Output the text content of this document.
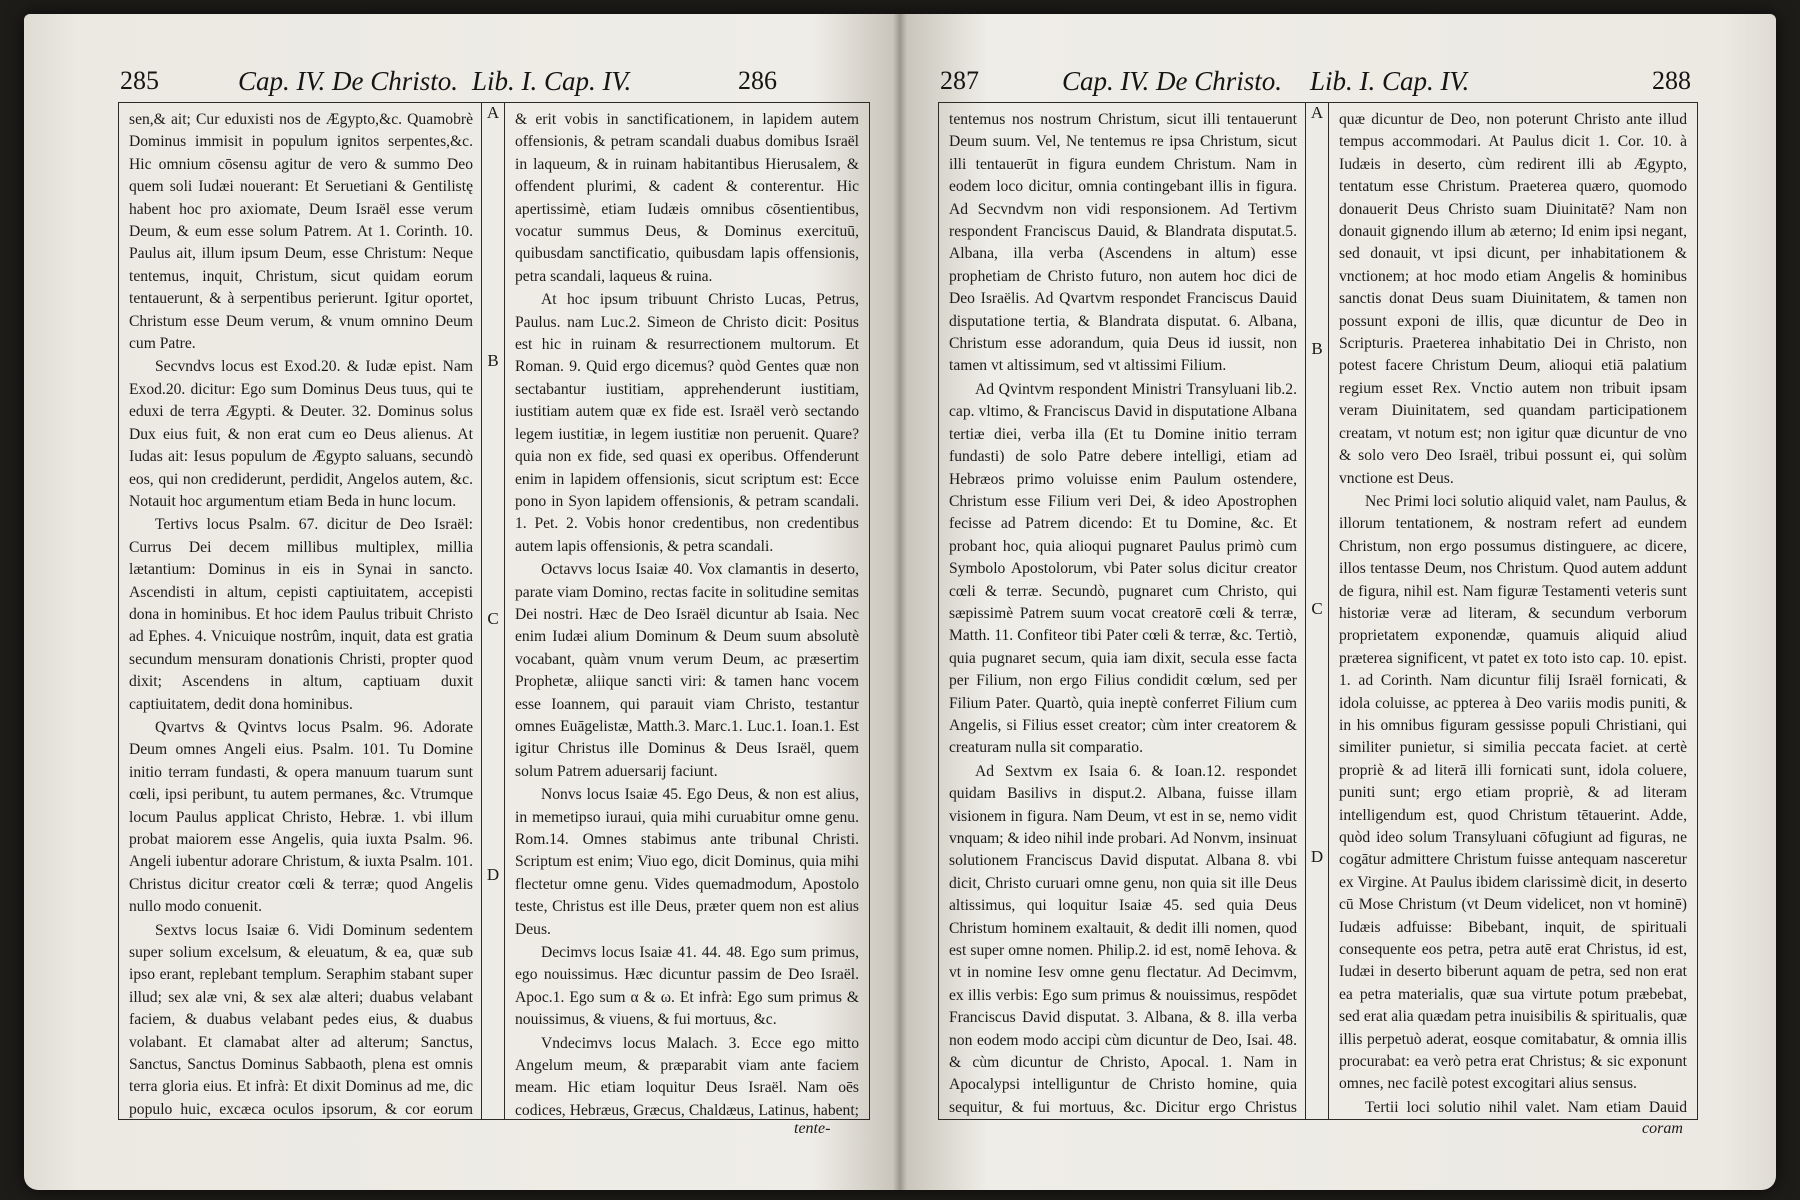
285	Cap. IV. De Christo. Lib. I. Cap. IV.	286

sen,& ait; Cur eduxisti nos de Ægypto,&c. Quamobrè Dominus immisit in populum ignitos serpentes,&c. Hic omnium cōsensu agitur de vero & summo Deo quem soli Iudæi nouerant: Et Seruetiani & Gentilistę habent hoc pro axiomate, Deum Israël esse verum Deum, & eum esse solum Patrem. At 1. Corinth. 10. Paulus ait, illum ipsum Deum, esse Christum: Neque tentemus, inquit, Christum, sicut quidam eorum tentauerunt, & à serpentibus perierunt. Igitur oportet, Christum esse Deum verum, & vnum omnino Deum cum Patre.

Secvndvs locus est Exod.20. & Iudæ epist. Nam Exod.20. dicitur: Ego sum Dominus Deus tuus, qui te eduxi de terra Ægypti. & Deuter. 32. Dominus solus Dux eius fuit, & non erat cum eo Deus alienus. At Iudas ait: Iesus populum de Ægypto saluans, secundò eos, qui non crediderunt, perdidit, Angelos autem, &c. Notauit hoc argumentum etiam Beda in hunc locum.

Tertivs locus Psalm. 67. dicitur de Deo Israël: Currus Dei decem millibus multiplex, millia lætantium: Dominus in eis in Synai in sancto. Ascendisti in altum, cepisti captiuitatem, accepisti dona in hominibus. Et hoc idem Paulus tribuit Christo ad Ephes. 4. Vnicuique nostrûm, inquit, data est gratia secundum mensuram donationis Christi, propter quod dixit; Ascendens in altum, captiuam duxit captiuitatem, dedit dona hominibus.

Qvartvs & Qvintvs locus Psalm. 96. Adorate Deum omnes Angeli eius. Psalm. 101. Tu Domine initio terram fundasti, & opera manuum tuarum sunt cœli, ipsi peribunt, tu autem permanes, &c. Vtrumque locum Paulus applicat Christo, Hebræ. 1. vbi illum probat maiorem esse Angelis, quia iuxta Psalm. 96. Angeli iubentur adorare Christum, & iuxta Psalm. 101. Christus dicitur creator cœli & terræ; quod Angelis nullo modo conuenit.

Sextvs locus Isaiæ 6. Vidi Dominum sedentem super solium excelsum, & eleuatum, & ea, quæ sub ipso erant, replebant templum. Seraphim stabant super illud; sex alæ vni, & sex alæ alteri; duabus velabant faciem, & duabus velabant pedes eius, & duabus volabant. Et clamabat alter ad alterum; Sanctus, Sanctus, Sanctus Dominus Sabbaoth, plena est omnis terra gloria eius. Et infrà: Et dixit Dominus ad me, dic populo huic, excæca oculos ipsorum, & cor eorum

A
B
C
D

& erit vobis in sanctificationem, in lapidem autem offensionis, & petram scandali duabus domibus Israël in laqueum, & in ruinam habitantibus Hierusalem, & offendent plurimi, & cadent & conterentur. Hic apertissimè, etiam Iudæis omnibus cōsentientibus, vocatur summus Deus, & Dominus exercituū, quibusdam sanctificatio, quibusdam lapis offensionis, petra scandali, laqueus & ruina.

At hoc ipsum tribuunt Christo Lucas, Petrus, Paulus. nam Luc.2. Simeon de Christo dicit: Positus est hic in ruinam & resurrectionem multorum. Et Roman. 9. Quid ergo dicemus? quòd Gentes quæ non sectabantur iustitiam, apprehenderunt iustitiam, iustitiam autem quæ ex fide est. Israël verò sectando legem iustitiæ, in legem iustitiæ non peruenit. Quare? quia non ex fide, sed quasi ex operibus. Offenderunt enim in lapidem offensionis, sicut scriptum est: Ecce pono in Syon lapidem offensionis, & petram scandali. 1. Pet. 2. Vobis honor credentibus, non credentibus autem lapis offensionis, & petra scandali.

Octavvs locus Isaiæ 40. Vox clamantis in deserto, parate viam Domino, rectas facite in solitudine semitas Dei nostri. Hæc de Deo Israël dicuntur ab Isaia. Nec enim Iudæi alium Dominum & Deum suum absolutè vocabant, quàm vnum verum Deum, ac præsertim Prophetæ, aliique sancti viri: & tamen hanc vocem esse Ioannem, qui parauit viam Christo, testantur omnes Euāgelistæ, Matth.3. Marc.1. Luc.1. Ioan.1. Est igitur Christus ille Dominus & Deus Israël, quem solum Patrem aduersarij faciunt.

Nonvs locus Isaiæ 45. Ego Deus, & non est alius, in memetipso iuraui, quia mihi curuabitur omne genu. Rom.14. Omnes stabimus ante tribunal Christi. Scriptum est enim; Viuo ego, dicit Dominus, quia mihi flectetur omne genu. Vides quemadmodum, Apostolo teste, Christus est ille Deus, præter quem non est alius Deus.

Decimvs locus Isaiæ 41. 44. 48. Ego sum primus, ego nouissimus. Hæc dicuntur passim de Deo Israël. Apoc.1. Ego sum α & ω. Et infrà: Ego sum primus & nouissimus, & viuens, & fui mortuus, &c.

Vndecimvs locus Malach. 3. Ecce ego mitto Angelum meum, & præparabit viam ante faciem meam. Hic etiam loquitur Deus Israël. Nam oēs codices, Hebræus, Græcus, Chaldæus, Latinus, habent;

tente-
287	Cap. IV. De Christo. Lib. I. Cap. IV.	288

tentemus nos nostrum Christum, sicut illi tentauerunt Deum suum. Vel, Ne tentemus re ipsa Christum, sicut illi tentauerūt in figura eundem Christum. Nam in eodem loco dicitur, omnia contingebant illis in figura. Ad Secvndvm non vidi responsionem. Ad Tertivm respondent Franciscus Dauid, & Blandrata disputat.5. Albana, illa verba (Ascendens in altum) esse prophetiam de Christo futuro, non autem hoc dici de Deo Israëlis. Ad Qvartvm respondet Franciscus Dauid disputatione tertia, & Blandrata disputat. 6. Albana, Christum esse adorandum, quia Deus id iussit, non tamen vt altissimum, sed vt altissimi Filium.

Ad Qvintvm respondent Ministri Transyluani lib.2. cap. vltimo, & Franciscus David in disputatione Albana tertiæ diei, verba illa (Et tu Domine initio terram fundasti) de solo Patre debere intelligi, etiam ad Hebræos primo voluisse enim Paulum ostendere, Christum esse Filium veri Dei, & ideo Apostrophen fecisse ad Patrem dicendo: Et tu Domine, &c. Et probant hoc, quia alioqui pugnaret Paulus primò cum Symbolo Apostolorum, vbi Pater solus dicitur creator cœli & terræ. Secundò, pugnaret cum Christo, qui sæpissimè Patrem suum vocat creatorē cœli & terræ, Matth. 11. Confiteor tibi Pater cœli & terræ, &c. Tertiò, quia pugnaret secum, quia iam dixit, secula esse facta per Filium, non ergo Filius condidit cœlum, sed per Filium Pater. Quartò, quia ineptè conferret Filium cum Angelis, si Filius esset creator; cùm inter creatorem & creaturam nulla sit comparatio.

Ad Sextvm ex Isaia 6. & Ioan.12. respondet quidam Basilivs in disput.2. Albana, fuisse illam visionem in figura. Nam Deum, vt est in se, nemo vidit vnquam; & ideo nihil inde probari. Ad Nonvm, insinuat solutionem Franciscus David disputat. Albana 8. vbi dicit, Christo curuari omne genu, non quia sit ille Deus altissimus, qui loquitur Isaiæ 45. sed quia Deus Christum hominem exaltauit, & dedit illi nomen, quod est super omne nomen. Philip.2. id est, nomē Iehova. & vt in nomine Iesv omne genu flectatur. Ad Decimvm, ex illis verbis: Ego sum primus & nouissimus, respōdet Franciscus David disputat. 3. Albana, & 8. illa verba non eodem modo accipi cùm dicuntur de Deo, Isai. 48. & cùm dicuntur de Christo, Apocal. 1. Nam in Apocalypsi intelliguntur de Christo homine, quia sequitur, & fui mortuus, &c. Dicitur ergo Christus

A
B
C
D

quæ dicuntur de Deo, non poterunt Christo ante illud tempus accommodari. At Paulus dicit 1. Cor. 10. à Iudæis in deserto, cùm redirent illi ab Ægypto, tentatum esse Christum. Praeterea quæro, quomodo donauerit Deus Christo suam Diuinitatē? Nam non donauit gignendo illum ab æterno; Id enim ipsi negant, sed donauit, vt ipsi dicunt, per inhabitationem & vnctionem; at hoc modo etiam Angelis & hominibus sanctis donat Deus suam Diuinitatem, & tamen non possunt exponi de illis, quæ dicuntur de Deo in Scripturis. Praeterea inhabitatio Dei in Christo, non potest facere Christum Deum, alioqui etiā palatium regium esset Rex. Vnctio autem non tribuit ipsam veram Diuinitatem, sed quandam participationem creatam, vt notum est; non igitur quæ dicuntur de vno & solo vero Deo Israël, tribui possunt ei, qui solùm vnctione est Deus.

Nec Primi loci solutio aliquid valet, nam Paulus, & illorum tentationem, & nostram refert ad eundem Christum, non ergo possumus distinguere, ac dicere, illos tentasse Deum, nos Christum. Quod autem addunt de figura, nihil est. Nam figuræ Testamenti veteris sunt historiæ veræ ad literam, & secundum verborum proprietatem exponendæ, quamuis aliquid aliud præterea significent, vt patet ex toto isto cap. 10. epist. 1. ad Corinth. Nam dicuntur filij Israël fornicati, & idola coluisse, ac ppterea à Deo variis modis puniti, & in his omnibus figuram gessisse populi Christiani, qui similiter punietur, si similia peccata faciet. at certè propriè & ad literā illi fornicati sunt, idola coluere, puniti sunt; ergo etiam propriè, & ad literam intelligendum est, quod Christum tētauerint. Adde, quòd ideo solum Transyluani cōfugiunt ad figuras, ne cogātur admittere Christum fuisse antequam nasceretur ex Virgine. At Paulus ibidem clarissimè dicit, in deserto cū Mose Christum (vt Deum videlicet, non vt hominē) Iudæis adfuisse: Bibebant, inquit, de spirituali consequente eos petra, petra autē erat Christus, id est, Iudæi in deserto biberunt aquam de petra, sed non erat ea petra materialis, quæ sua virtute potum præbebat, sed erat alia quædam petra inuisibilis & spiritualis, quæ illis perpetuò aderat, eosque comitabatur, & omnia illis procurabat: ea verò petra erat Christus; & sic exponunt omnes, nec facilè potest excogitari alius sensus.

Tertii loci solutio nihil valet. Nam etiam Dauid

coram
